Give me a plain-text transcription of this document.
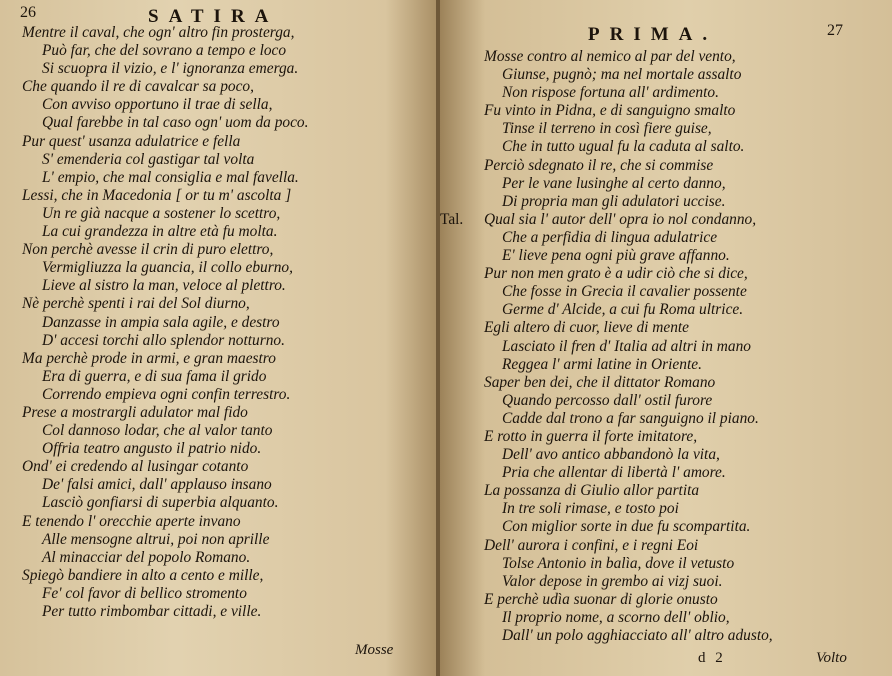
26	SATIRA
Mentre il caval, che ogn' altro fin prosterga,
Può far, che del sovrano a tempo e loco
Si scuopra il vizio, e l' ignoranza emerga.
Che quando il re di cavalcar sa poco,
Con avviso opportuno il trae di sella,
Qual farebbe in tal caso ogn' uom da poco.
Pur quest' usanza adulatrice e fella
S' emenderia col gastigar tal volta
L' empio, che mal consiglia e mal favella.
Lessi, che in Macedonia [ or tu m' ascolta ]
Un re già nacque a sostener lo scettro,
La cui grandezza in altre età fu molta.
Non perchè avesse il crin di puro elettro,
Vermigliuzza la guancia, il collo eburno,
Lieve al sistro la man, veloce al plettro.
Nè perchè spenti i rai del Sol diurno,
Danzasse in ampia sala agile, e destro
D' accesi torchi allo splendor notturno.
Ma perchè prode in armi, e gran maestro
Era di guerra, e di sua fama il grido
Correndo empieva ogni confin terrestro.
Prese a mostrargli adulator mal fido
Col dannoso lodar, che al valor tanto
Offria teatro angusto il patrio nido.
Ond' ei credendo al lusingar cotanto
De' falsi amici, dall' applauso insano
Lasciò gonfiarsi di superbia alquanto.
E tenendo l' orecchie aperte invano
Alle mensogne altrui, poi non aprille
Al minacciar del popolo Romano.
Spiegò bandiere in alto a cento e mille,
Fe' col favor di bellico stromento
Per tutto rimbombar cittadi, e ville.
Mosse
PRIMA.	27
Tal.
Mosse contro al nemico al par del vento,
Giunse, pugnò; ma nel mortale assalto
Non rispose fortuna all' ardimento.
Fu vinto in Pidna, e di sanguigno smalto
Tinse il terreno in così fiere guise,
Che in tutto ugual fu la caduta al salto.
Perciò sdegnato il re, che si commise
Per le vane lusinghe al certo danno,
Di propria man gli adulatori uccise.
Qual sia l' autor dell' opra io nol condanno,
Che a perfidia di lingua adulatrice
E' lieve pena ogni più grave affanno.
Pur non men grato è a udir ciò che si dice,
Che fosse in Grecia il cavalier possente
Germe d' Alcide, a cui fu Roma ultrice.
Egli altero di cuor, lieve di mente
Lasciato il fren d' Italia ad altri in mano
Reggea l' armi latine in Oriente.
Saper ben dei, che il dittator Romano
Quando percosso dall' ostil furore
Cadde dal trono a far sanguigno il piano.
E rotto in guerra il forte imitatore,
Dell' avo antico abbandonò la vita,
Pria che allentar di libertà l' amore.
La possanza di Giulio allor partita
In tre soli rimase, e tosto poi
Con miglior sorte in due fu scompartita.
Dell' aurora i confini, e i regni Eoi
Tolse Antonio in balìa, dove il vetusto
Valor depose in grembo ai vizj suoi.
E perchè udìa suonar di glorie onusto
Il proprio nome, a scorno dell' oblio,
Dall' un polo agghiacciato all' altro adusto,
d 2	Volto
